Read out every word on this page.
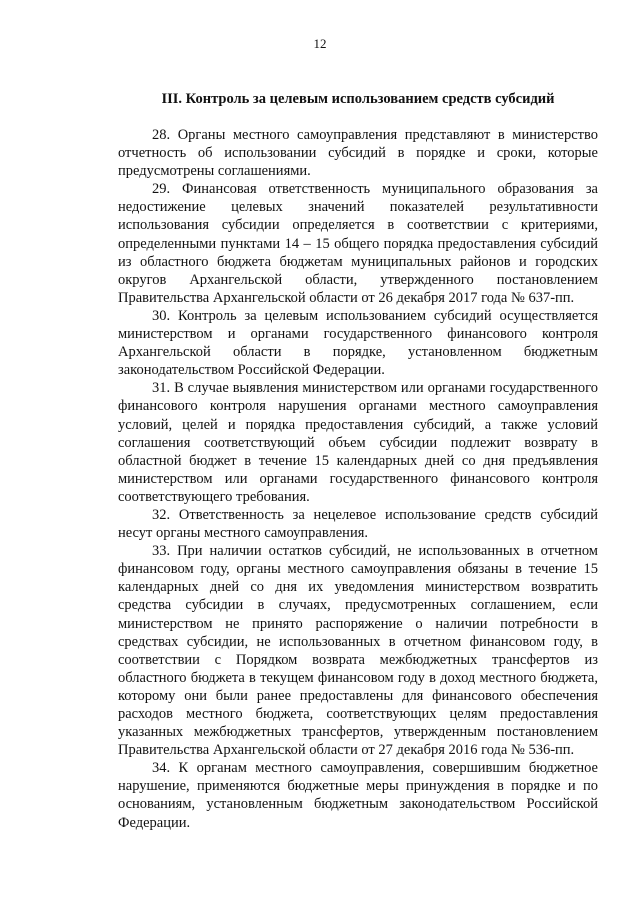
12
III. Контроль за целевым использованием средств субсидий

28. Органы местного самоуправления представляют в министерство отчетность об использовании субсидий в порядке и сроки, которые предусмотрены соглашениями.

29. Финансовая ответственность муниципального образования за недостижение целевых значений показателей результативности использования субсидии определяется в соответствии с критериями, определенными пунктами 14 – 15 общего порядка предоставления субсидий из областного бюджета бюджетам муниципальных районов и городских округов Архангельской области, утвержденного постановлением Правительства Архангельской области от 26 декабря 2017 года № 637-пп.

30. Контроль за целевым использованием субсидий осуществляется министерством и органами государственного финансового контроля Архангельской области в порядке, установленном бюджетным законодательством Российской Федерации.

31. В случае выявления министерством или органами государственного финансового контроля нарушения органами местного самоуправления условий, целей и порядка предоставления субсидий, а также условий соглашения соответствующий объем субсидии подлежит возврату в областной бюджет в течение 15 календарных дней со дня предъявления министерством или органами государственного финансового контроля соответствующего требования.

32. Ответственность за нецелевое использование средств субсидий несут органы местного самоуправления.

33. При наличии остатков субсидий, не использованных в отчетном финансовом году, органы местного самоуправления обязаны в течение 15 календарных дней со дня их уведомления министерством возвратить средства субсидии в случаях, предусмотренных соглашением, если министерством не принято распоряжение о наличии потребности в средствах субсидии, не использованных в отчетном финансовом году, в соответствии с Порядком возврата межбюджетных трансфертов из областного бюджета в текущем финансовом году в доход местного бюджета, которому они были ранее предоставлены для финансового обеспечения расходов местного бюджета, соответствующих целям предоставления указанных межбюджетных трансфертов, утвержденным постановлением Правительства Архангельской области от 27 декабря 2016 года № 536-пп.

34. К органам местного самоуправления, совершившим бюджетное нарушение, применяются бюджетные меры принуждения в порядке и по основаниям, установленным бюджетным законодательством Российской Федерации.
